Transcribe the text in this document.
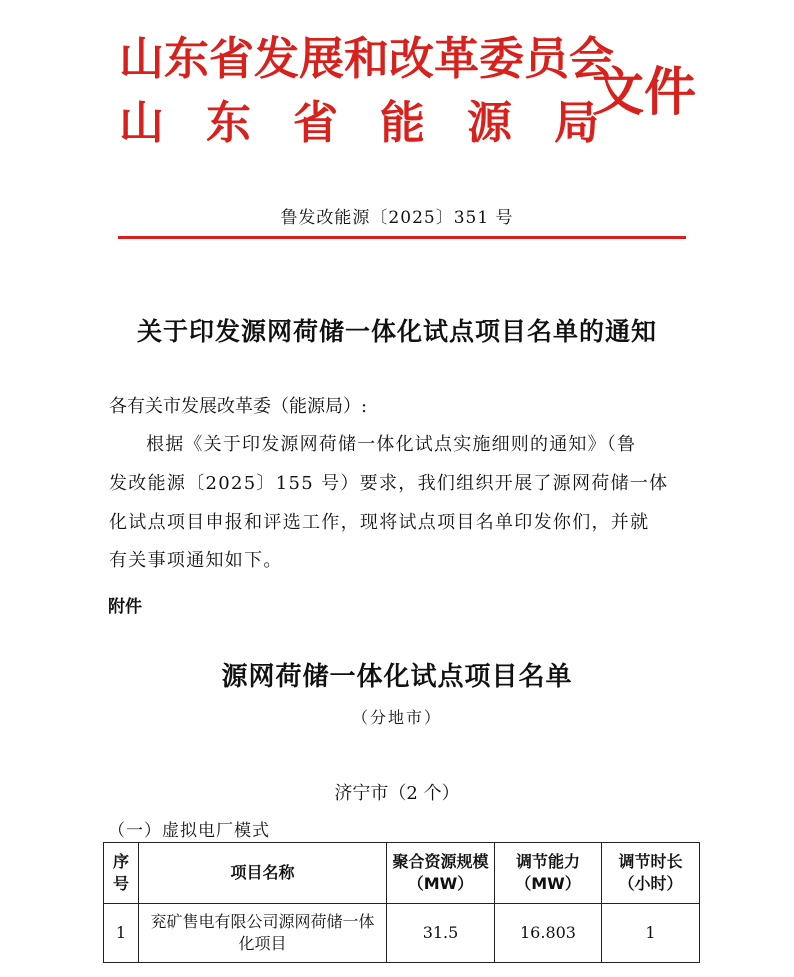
山东省发展和改革委员会
山东省能源局
文件
鲁发改能源〔2025〕351 号
关于印发源网荷储一体化试点项目名单的通知
各有关市发展改革委（能源局）:
根据《关于印发源网荷储一体化试点实施细则的通知》（鲁
发改能源〔2025〕155 号）要求，我们组织开展了源网荷储一体
化试点项目申报和评选工作，现将试点项目名单印发你们，并就
有关事项通知如下。
附件
源网荷储一体化试点项目名单
（分地市）
济宁市（2 个）
（一）虚拟电厂模式
序号	项目名称	聚合资源规模（MW）	调节能力（MW）	调节时长（小时）
1	兖矿售电有限公司源网荷储一体化项目	31.5	16.803	1
